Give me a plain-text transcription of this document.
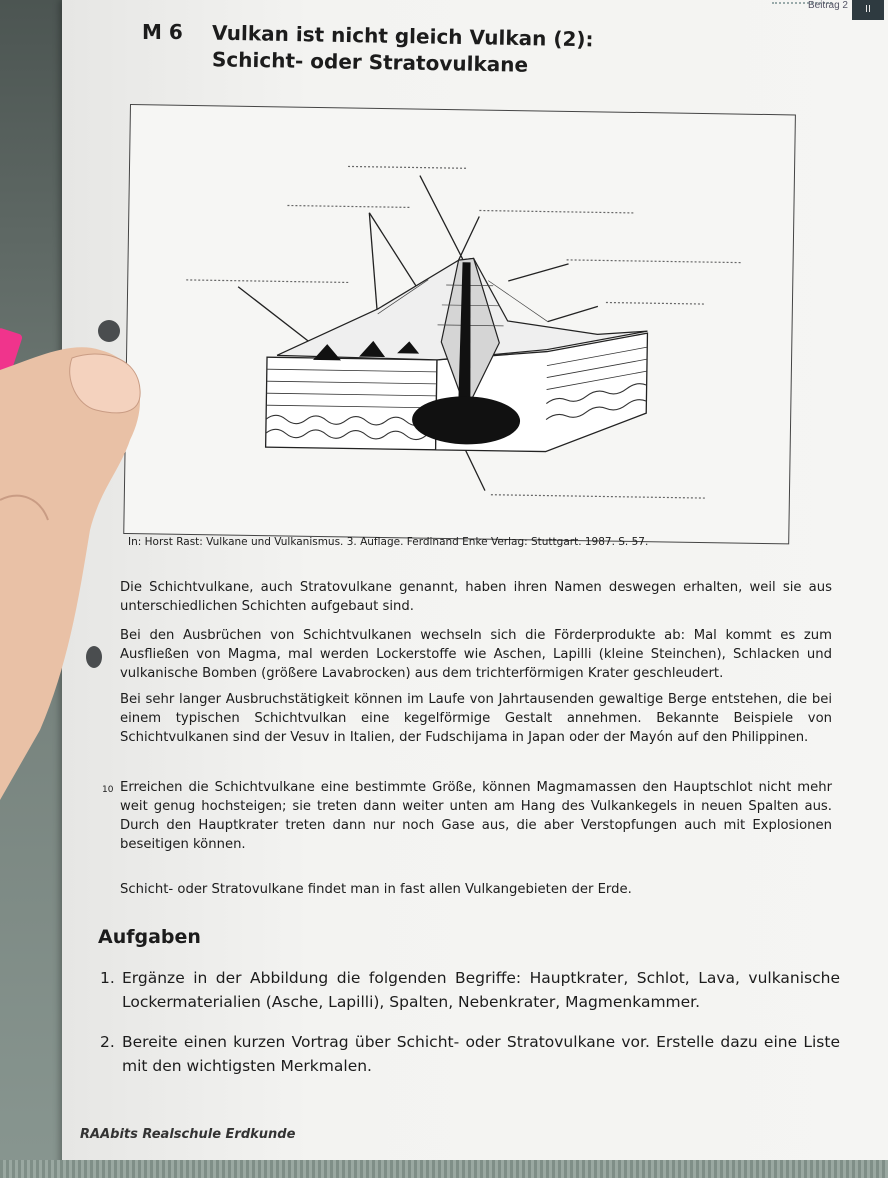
Beitrag 2	II
M 6 Vulkan ist nicht gleich Vulkan (2):
Schicht- oder Stratovulkane
In: Horst Rast: Vulkane und Vulkanismus. 3. Auflage. Ferdinand Enke Verlag: Stuttgart. 1987. S. 57.
Die Schichtvulkane, auch Stratovulkane genannt, haben ihren Namen deswegen erhalten, weil sie aus unterschiedlichen Schichten aufgebaut sind.
Bei den Ausbrüchen von Schichtvulkanen wechseln sich die Förderprodukte ab: Mal kommt es zum Ausfließen von Magma, mal werden Lockerstoffe wie Aschen, Lapilli (kleine Steinchen), Schlacken und vulkanische Bomben (größere Lavabrocken) aus dem trichterförmigen Krater geschleudert.
Bei sehr langer Ausbruchstätigkeit können im Laufe von Jahrtausenden gewaltige Berge entstehen, die bei einem typischen Schichtvulkan eine kegelförmige Gestalt annehmen. Bekannte Beispiele von Schichtvulkanen sind der Vesuv in Italien, der Fudschijama in Japan oder der Mayón auf den Philippinen.
10 Erreichen die Schichtvulkane eine bestimmte Größe, können Magmamassen den Hauptschlot nicht mehr weit genug hochsteigen; sie treten dann weiter unten am Hang des Vulkankegels in neuen Spalten aus. Durch den Hauptkrater treten dann nur noch Gase aus, die aber Verstopfungen auch mit Explosionen beseitigen können.
Schicht- oder Stratovulkane findet man in fast allen Vulkangebieten der Erde.
Aufgaben
1. Ergänze in der Abbildung die folgenden Begriffe: Hauptkrater, Schlot, Lava, vulkanische Lockermaterialien (Asche, Lapilli), Spalten, Nebenkrater, Magmenkammer.
2. Bereite einen kurzen Vortrag über Schicht- oder Stratovulkane vor. Erstelle dazu eine Liste mit den wichtigsten Merkmalen.
RAAbits Realschule Erdkunde
